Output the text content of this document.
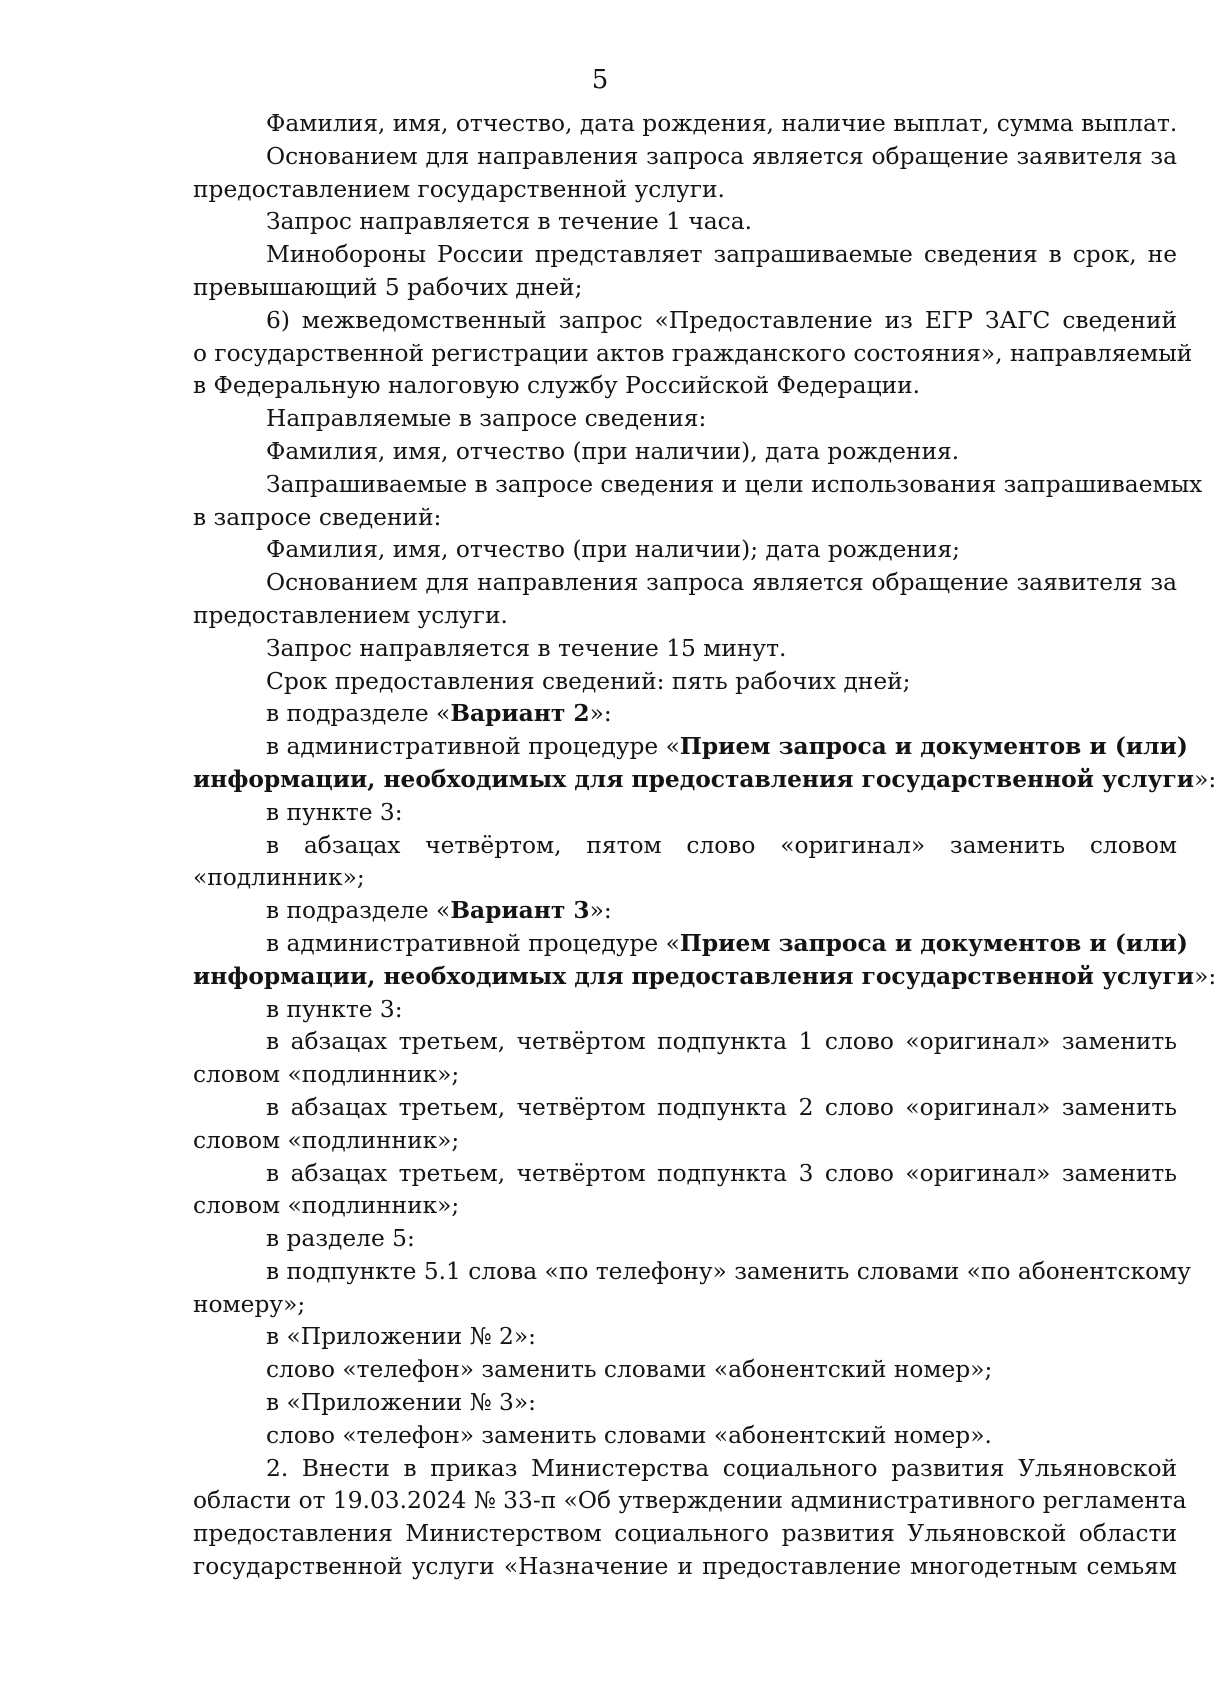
5
Фамилия, имя, отчество, дата рождения, наличие выплат, сумма выплат.
Основанием для направления запроса является обращение заявителя за
предоставлением государственной услуги.
Запрос направляется в течение 1 часа.
Минобороны России представляет запрашиваемые сведения в срок, не
превышающий 5 рабочих дней;
6) межведомственный запрос «Предоставление из ЕГР ЗАГС сведений
о государственной регистрации актов гражданского состояния», направляемый
в Федеральную налоговую службу Российской Федерации.
Направляемые в запросе сведения:
Фамилия, имя, отчество (при наличии), дата рождения.
Запрашиваемые в запросе сведения и цели использования запрашиваемых
в запросе сведений:
Фамилия, имя, отчество (при наличии); дата рождения;
Основанием для направления запроса является обращение заявителя за
предоставлением услуги.
Запрос направляется в течение 15 минут.
Срок предоставления сведений: пять рабочих дней;
в подразделе «Вариант 2»:
в административной процедуре «Прием запроса и документов и (или)
информации, необходимых для предоставления государственной услуги»:
в пункте 3:
в абзацах четвёртом, пятом слово «оригинал» заменить словом
«подлинник»;
в подразделе «Вариант 3»:
в административной процедуре «Прием запроса и документов и (или)
информации, необходимых для предоставления государственной услуги»:
в пункте 3:
в абзацах третьем, четвёртом подпункта 1 слово «оригинал» заменить
словом «подлинник»;
в абзацах третьем, четвёртом подпункта 2 слово «оригинал» заменить
словом «подлинник»;
в абзацах третьем, четвёртом подпункта 3 слово «оригинал» заменить
словом «подлинник»;
в разделе 5:
в подпункте 5.1 слова «по телефону» заменить словами «по абонентскому
номеру»;
в «Приложении № 2»:
слово «телефон» заменить словами «абонентский номер»;
в «Приложении № 3»:
слово «телефон» заменить словами «абонентский номер».
2. Внести в приказ Министерства социального развития Ульяновской
области от 19.03.2024 № 33-п «Об утверждении административного регламента
предоставления Министерством социального развития Ульяновской области
государственной услуги «Назначение и предоставление многодетным семьям
